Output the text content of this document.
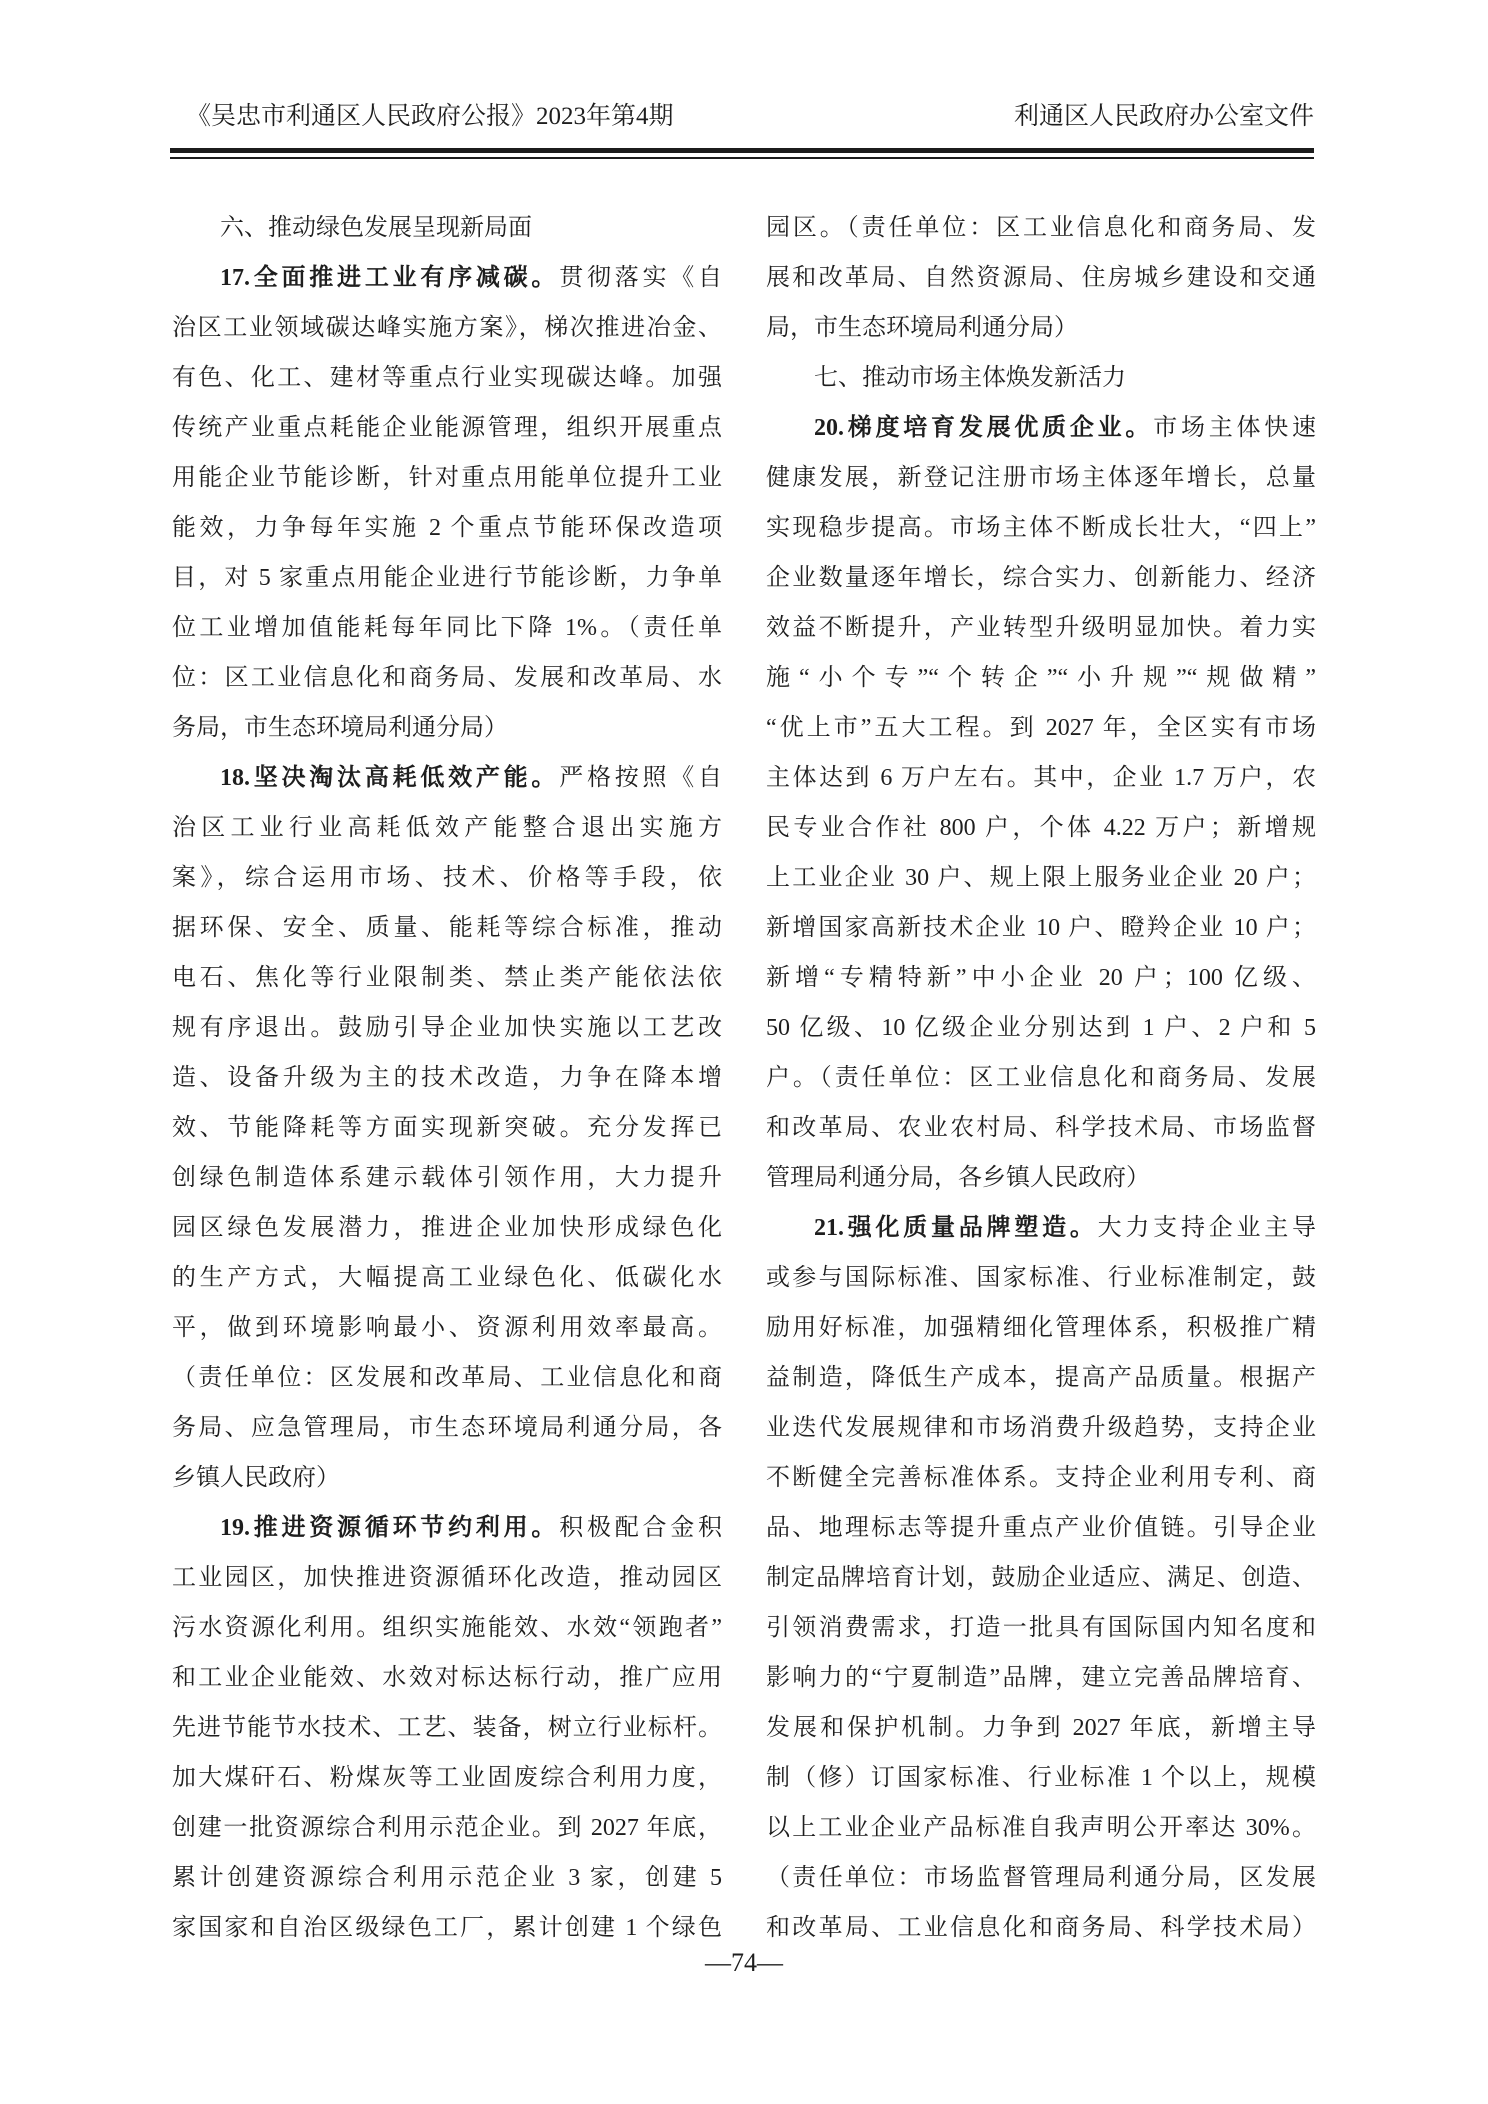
《吴忠市利通区人民政府公报》2023年第4期	利通区人民政府办公室文件
六、推动绿色发展呈现新局面
17.全面推进工业有序减碳。贯彻落实《自
治区工业领域碳达峰实施方案》，梯次推进冶金、
有色、化工、建材等重点行业实现碳达峰。加强
传统产业重点耗能企业能源管理，组织开展重点
用能企业节能诊断，针对重点用能单位提升工业
能效，力争每年实施 2 个重点节能环保改造项
目，对 5 家重点用能企业进行节能诊断，力争单
位工业增加值能耗每年同比下降 1%。（责任单
位：区工业信息化和商务局、发展和改革局、水
务局，市生态环境局利通分局）
18.坚决淘汰高耗低效产能。严格按照《自
治区工业行业高耗低效产能整合退出实施方
案》，综合运用市场、技术、价格等手段，依
据环保、安全、质量、能耗等综合标准，推动
电石、焦化等行业限制类、禁止类产能依法依
规有序退出。鼓励引导企业加快实施以工艺改
造、设备升级为主的技术改造，力争在降本增
效、节能降耗等方面实现新突破。充分发挥已
创绿色制造体系建示载体引领作用，大力提升
园区绿色发展潜力，推进企业加快形成绿色化
的生产方式，大幅提高工业绿色化、低碳化水
平，做到环境影响最小、资源利用效率最高。
（责任单位：区发展和改革局、工业信息化和商
务局、应急管理局，市生态环境局利通分局，各
乡镇人民政府）
19.推进资源循环节约利用。积极配合金积
工业园区，加快推进资源循环化改造，推动园区
污水资源化利用。组织实施能效、水效“领跑者”
和工业企业能效、水效对标达标行动，推广应用
先进节能节水技术、工艺、装备，树立行业标杆。
加大煤矸石、粉煤灰等工业固废综合利用力度，
创建一批资源综合利用示范企业。到 2027 年底，
累计创建资源综合利用示范企业 3 家，创建 5
家国家和自治区级绿色工厂，累计创建 1 个绿色
园区。（责任单位：区工业信息化和商务局、发
展和改革局、自然资源局、住房城乡建设和交通
局，市生态环境局利通分局）
七、推动市场主体焕发新活力
20.梯度培育发展优质企业。市场主体快速
健康发展，新登记注册市场主体逐年增长，总量
实现稳步提高。市场主体不断成长壮大，“四上”
企业数量逐年增长，综合实力、创新能力、经济
效益不断提升，产业转型升级明显加快。着力实
施“小个专”“个转企”“小升规”“规做精”
“优上市”五大工程。到 2027 年，全区实有市场
主体达到 6 万户左右。其中，企业 1.7 万户，农
民专业合作社 800 户，个体 4.22 万户；新增规
上工业企业 30 户、规上限上服务业企业 20 户；
新增国家高新技术企业 10 户、瞪羚企业 10 户；
新增“专精特新”中小企业 20 户；100 亿级、
50 亿级、10 亿级企业分别达到 1 户、2 户和 5
户。（责任单位：区工业信息化和商务局、发展
和改革局、农业农村局、科学技术局、市场监督
管理局利通分局，各乡镇人民政府）
21.强化质量品牌塑造。大力支持企业主导
或参与国际标准、国家标准、行业标准制定，鼓
励用好标准，加强精细化管理体系，积极推广精
益制造，降低生产成本，提高产品质量。根据产
业迭代发展规律和市场消费升级趋势，支持企业
不断健全完善标准体系。支持企业利用专利、商
品、地理标志等提升重点产业价值链。引导企业
制定品牌培育计划，鼓励企业适应、满足、创造、
引领消费需求，打造一批具有国际国内知名度和
影响力的“宁夏制造”品牌，建立完善品牌培育、
发展和保护机制。力争到 2027 年底，新增主导
制（修）订国家标准、行业标准 1 个以上，规模
以上工业企业产品标准自我声明公开率达 30%。
（责任单位：市场监督管理局利通分局，区发展
和改革局、工业信息化和商务局、科学技术局）
—74—
